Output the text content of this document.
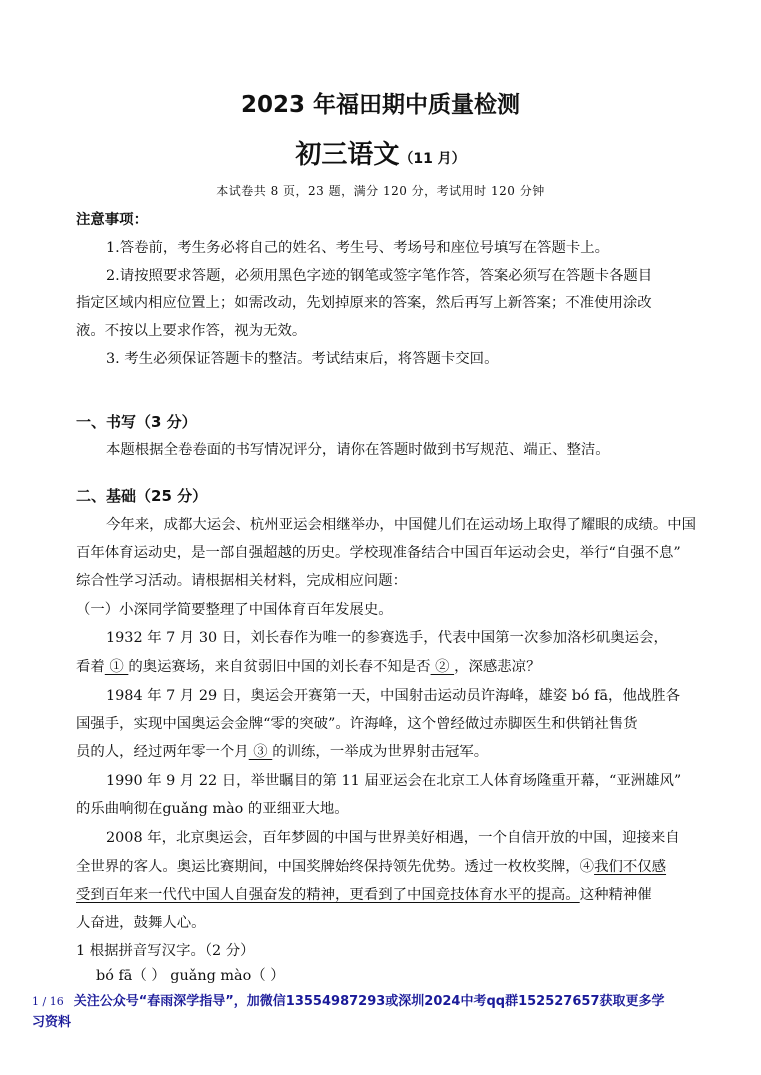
2023 年福田期中质量检测
初三语文（11 月）
本试卷共 8 页，23 题，满分 120 分，考试用时 120 分钟
注意事项：
1.答卷前，考生务必将自己的姓名、考生号、考场号和座位号填写在答题卡上。
2.请按照要求答题，必须用黑色字迹的钢笔或签字笔作答，答案必须写在答题卡各题目
指定区域内相应位置上；如需改动，先划掉原来的答案，然后再写上新答案；不准使用涂改
液。不按以上要求作答，视为无效。
3. 考生必须保证答题卡的整洁。考试结束后，将答题卡交回。
一、书写（3 分）
本题根据全卷卷面的书写情况评分，请你在答题时做到书写规范、端正、整洁。
二、基础（25 分）
今年来，成都大运会、杭州亚运会相继举办，中国健儿们在运动场上取得了耀眼的成绩。中国
百年体育运动史，是一部自强超越的历史。学校现准备结合中国百年运动会史，举行“自强不息”
综合性学习活动。请根据相关材料，完成相应问题：
（一）小深同学简要整理了中国体育百年发展史。
1932 年 7 月 30 日，刘长春作为唯一的参赛选手，代表中国第一次参加洛杉矶奥运会，
看着 ① 的奥运赛场，来自贫弱旧中国的刘长春不知是否 ② ，深感悲凉？
1984 年 7 月 29 日，奥运会开赛第一天，中国射击运动员许海峰，雄姿 bó fā，他战胜各
国强手，实现中国奥运会金牌“零的突破”。许海峰，这个曾经做过赤脚医生和供销社售货
员的人，经过两年零一个月 ③ 的训练，一举成为世界射击冠军。
1990 年 9 月 22 日，举世瞩目的第 11 届亚运会在北京工人体育场隆重开幕，“亚洲雄风”
的乐曲响彻在guǎng mào 的亚细亚大地。
2008 年，北京奥运会，百年梦圆的中国与世界美好相遇，一个自信开放的中国，迎接来自
全世界的客人。奥运比赛期间，中国奖牌始终保持领先优势。透过一枚枚奖牌，④我们不仅感
受到百年来一代代中国人自强奋发的精神，更看到了中国竞技体育水平的提高。这种精神催
人奋进，鼓舞人心。
1 根据拼音写汉字。（2 分）
bó fā（ ） guǎng mào（ ）
1 / 16 关注公众号“春雨深学指导”，加微信13554987293或深圳2024中考qq群152527657获取更多学
习资料
